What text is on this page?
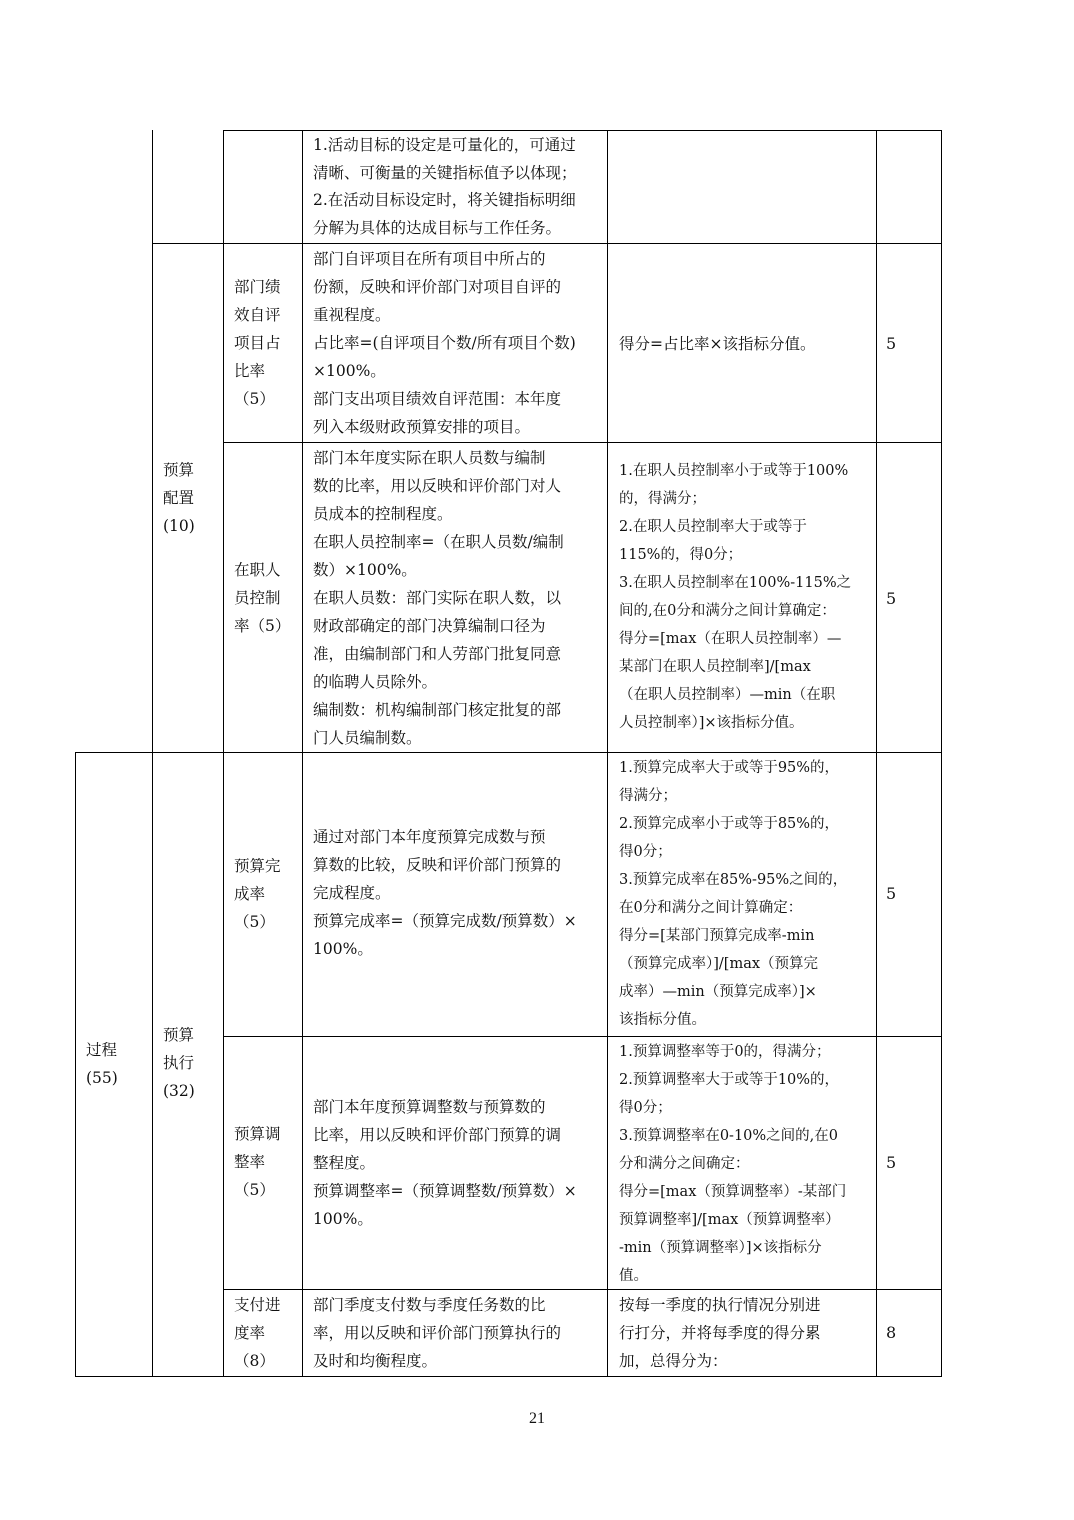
1.活动目标的设定是可量化的，可通过
清晰、可衡量的关键指标值予以体现；
2.在活动目标设定时，将关键指标明细
分解为具体的达成目标与工作任务。
部门绩
效自评
项目占
比率
（5）
部门自评项目在所有项目中所占的
份额，反映和评价部门对项目自评的
重视程度。
占比率=(自评项目个数/所有项目个数)
×100%。
部门支出项目绩效自评范围：本年度
列入本级财政预算安排的项目。
得分=占比率×该指标分值。	5
预算
配置
(10)
在职人
员控制
率（5）
部门本年度实际在职人员数与编制
数的比率，用以反映和评价部门对人
员成本的控制程度。
在职人员控制率=（在职人员数/编制
数）×100%。
在职人员数：部门实际在职人数，以
财政部确定的部门决算编制口径为
准，由编制部门和人劳部门批复同意
的临聘人员除外。
编制数：机构编制部门核定批复的部
门人员编制数。
1.在职人员控制率小于或等于100%
的，得满分；
2.在职人员控制率大于或等于
115%的，得0分；
3.在职人员控制率在100%-115%之
间的,在0分和满分之间计算确定：
得分=[max（在职人员控制率）—
某部门在职人员控制率]/[max
（在职人员控制率）—min（在职
人员控制率）]×该指标分值。
5
过程
(55)
预算
执行
(32)
预算完
成率
（5）
通过对部门本年度预算完成数与预
算数的比较，反映和评价部门预算的
完成程度。
预算完成率=（预算完成数/预算数）×
100%。
1.预算完成率大于或等于95%的，
得满分；
2.预算完成率小于或等于85%的，
得0分；
3.预算完成率在85%-95%之间的，
在0分和满分之间计算确定：
得分=[某部门预算完成率-min
（预算完成率）]/[max（预算完
成率）—min（预算完成率）]×
该指标分值。
5
预算调
整率
（5）
部门本年度预算调整数与预算数的
比率，用以反映和评价部门预算的调
整程度。
预算调整率=（预算调整数/预算数）×
100%。
1.预算调整率等于0的，得满分；
2.预算调整率大于或等于10%的，
得0分；
3.预算调整率在0-10%之间的,在0
分和满分之间确定：
得分=[max（预算调整率）-某部门
预算调整率]/[max（预算调整率）
-min（预算调整率）]×该指标分
值。
5
支付进
度率
（8）
部门季度支付数与季度任务数的比
率，用以反映和评价部门预算执行的
及时和均衡程度。
按每一季度的执行情况分别进
行打分，并将每季度的得分累
加，总得分为：
8
21
